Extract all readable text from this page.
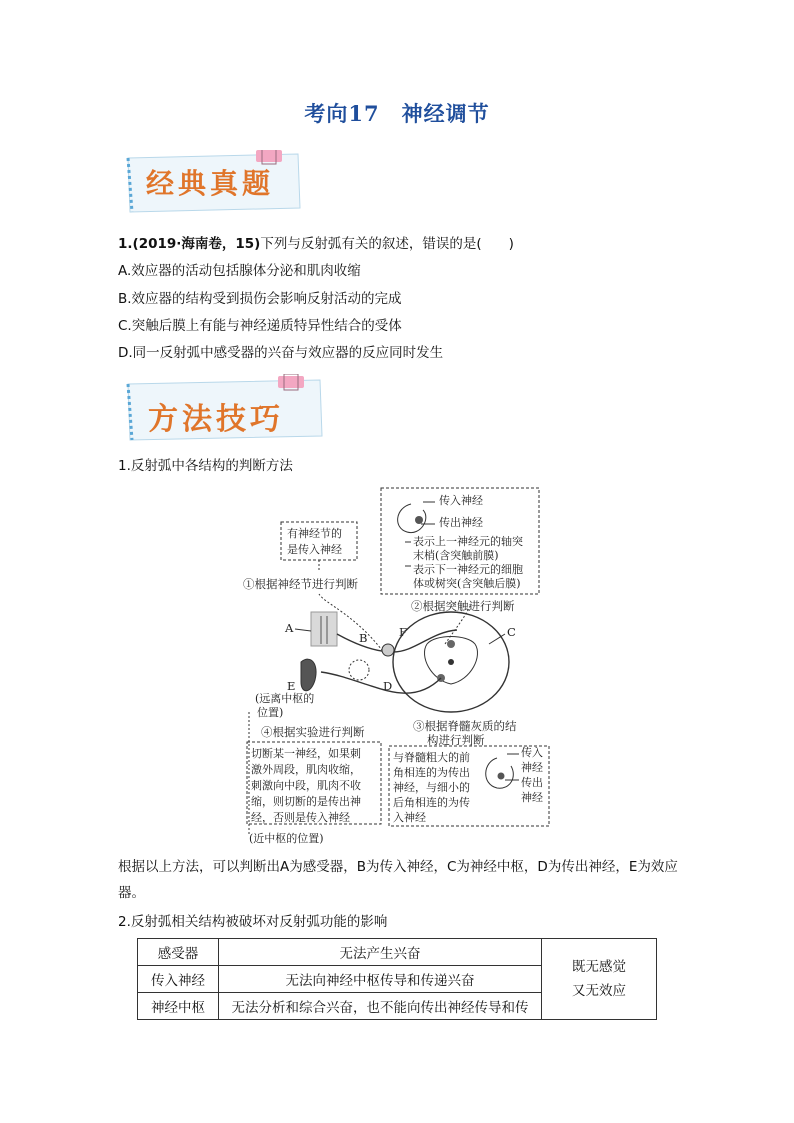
考向17　神经调节
经典真题
1.(2019·海南卷，15)下列与反射弧有关的叙述，错误的是(　　)
A.效应器的活动包括腺体分泌和肌肉收缩
B.效应器的结构受到损伤会影响反射活动的完成
C.突触后膜上有能与神经递质特异性结合的受体
D.同一反射弧中感受器的兴奋与效应器的反应同时发生
方法技巧
1.反射弧中各结构的判断方法
有神经节的
是传入神经
①根据神经节进行判断
传入神经
传出神经
表示上一神经元的轴突
末梢(含突触前膜)
表示下一神经元的细胞
体或树突(含突触后膜)
②根据突触进行判断
A
B	F	C
D
E
(远离中枢的
位置)
④根据实验进行判断	③根据脊髓灰质的结
构进行判断
切断某一神经，如果刺
激外周段，肌肉收缩，
刺激向中段，肌肉不收
缩，则切断的是传出神
经，否则是传入神经
(近中枢的位置)
与脊髓粗大的前
角相连的为传出
神经，与细小的
后角相连的为传
入神经
传入
神经
传出
神经
根据以上方法，可以判断出A为感受器，B为传入神经，C为神经中枢，D为传出神经，E为效应器。
2.反射弧相关结构被破坏对反射弧功能的影响
感受器	无法产生兴奋	既无感觉
又无效应

传入神经	无法向神经中枢传导和传递兴奋	
神经中枢	无法分析和综合兴奋，也不能向传出神经传导和传	
